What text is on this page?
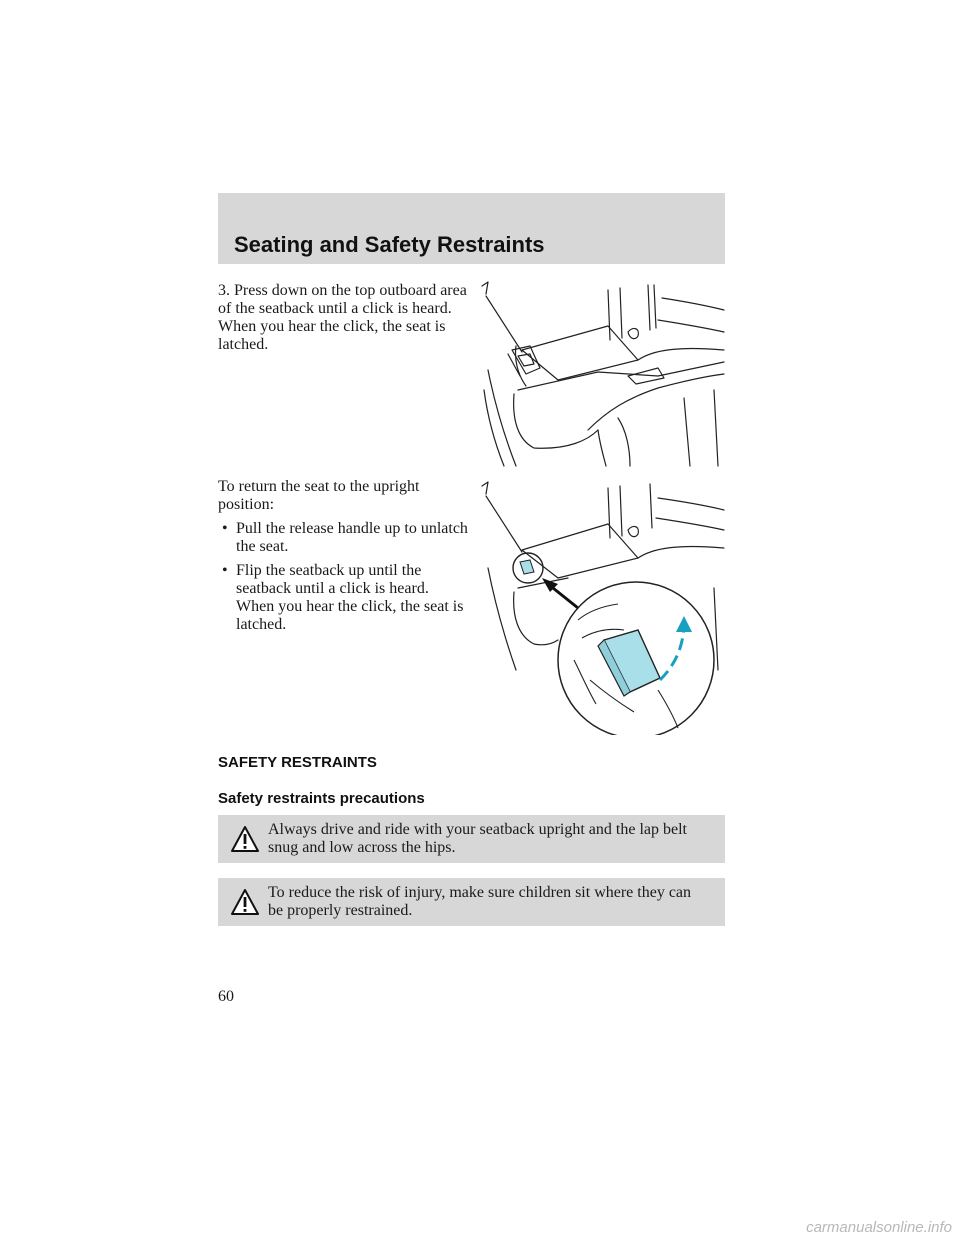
Seating and Safety Restraints
3. Press down on the top outboard area of the seatback until a click is heard. When you hear the click, the seat is latched.

To return the seat to the upright position:

• Pull the release handle up to unlatch the seat.
• Flip the seatback up until the seatback until a click is heard. When you hear the click, the seat is latched.
SAFETY RESTRAINTS
Safety restraints precautions
Always drive and ride with your seatback upright and the lap belt snug and low across the hips.
To reduce the risk of injury, make sure children sit where they can be properly restrained.
60
carmanualsonline.info
